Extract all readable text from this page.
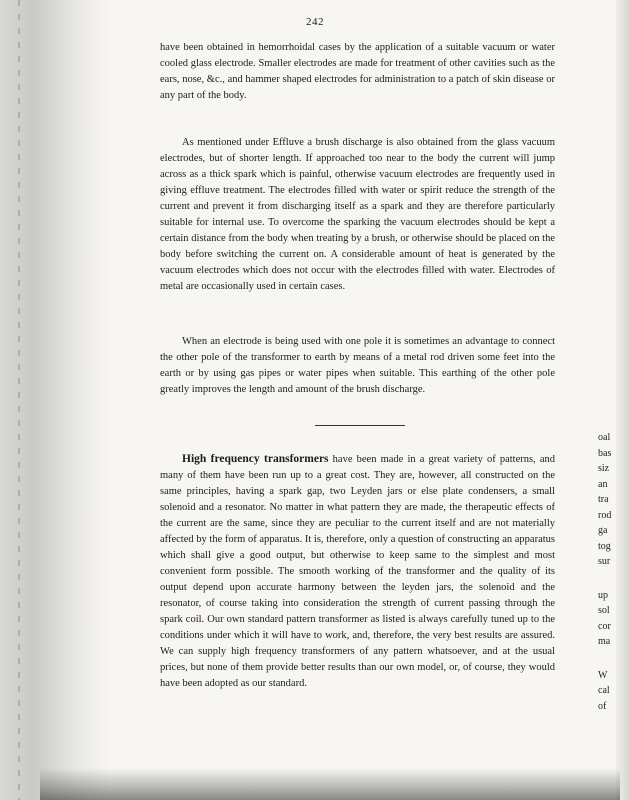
242

have been obtained in hemorrhoidal cases by the application of a suitable vacuum or water cooled glass electrode. Smaller electrodes are made for treatment of other cavities such as the ears, nose, &c., and hammer shaped electrodes for administration to a patch of skin disease or any part of the body.

As mentioned under Effluve a brush discharge is also obtained from the glass vacuum electrodes, but of shorter length. If approached too near to the body the current will jump across as a thick spark which is painful, otherwise vacuum electrodes are frequently used in giving effluve treatment. The electrodes filled with water or spirit reduce the strength of the current and prevent it from discharging itself as a spark and they are therefore particularly suitable for internal use. To overcome the sparking the vacuum electrodes should be kept a certain distance from the body when treating by a brush, or otherwise should be placed on the body before switching the current on. A considerable amount of heat is generated by the vacuum electrodes which does not occur with the electrodes filled with water. Electrodes of metal are occasionally used in certain cases.

When an electrode is being used with one pole it is sometimes an advantage to connect the other pole of the transformer to earth by means of a metal rod driven some feet into the earth or by using gas pipes or water pipes when suitable. This earthing of the other pole greatly improves the length and amount of the brush discharge.

High frequency transformers have been made in a great variety of patterns, and many of them have been run up to a great cost. They are, however, all constructed on the same principles, having a spark gap, two Leyden jars or else plate condensers, a small solenoid and a resonator. No matter in what pattern they are made, the therapeutic effects of the current are the same, since they are peculiar to the current itself and are not materially affected by the form of apparatus. It is, therefore, only a question of constructing an apparatus which shall give a good output, but otherwise to keep same to the simplest and most convenient form possible. The smooth working of the transformer and the quality of its output depend upon accurate harmony between the leyden jars, the solenoid and the resonator, of course taking into consideration the strength of current passing through the spark coil. Our own standard pattern transformer as listed is always carefully tuned up to the conditions under which it will have to work, and, therefore, the very best results are assured. We can supply high frequency transformers of any pattern whatsoever, and at the usual prices, but none of them provide better results than our own model, or, of course, they would have been adopted as our standard.

oal
bas
siz
an
tra
rod
ga
tog
sur
up
sol
cor
ma
W
cal
of
